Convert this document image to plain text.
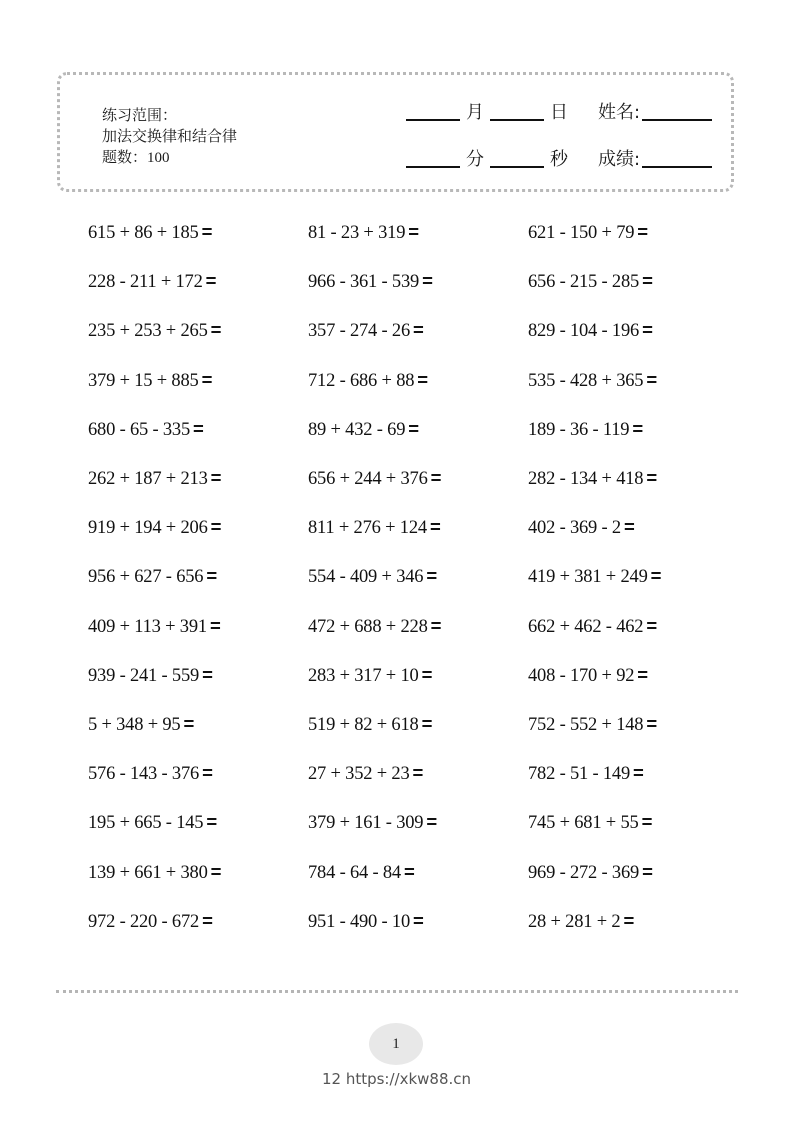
练习范围：
加法交换律和结合律
题数：100
月	日	姓名:
分	秒	成绩:
615 + 86 + 185 =	81 - 23 + 319 =	621 - 150 + 79 =
228 - 211 + 172 =	966 - 361 - 539 =	656 - 215 - 285 =
235 + 253 + 265 =	357 - 274 - 26 =	829 - 104 - 196 =
379 + 15 + 885 =	712 - 686 + 88 =	535 - 428 + 365 =
680 - 65 - 335 =	89 + 432 - 69 =	189 - 36 - 119 =
262 + 187 + 213 =	656 + 244 + 376 =	282 - 134 + 418 =
919 + 194 + 206 =	811 + 276 + 124 =	402 - 369 - 2 =
956 + 627 - 656 =	554 - 409 + 346 =	419 + 381 + 249 =
409 + 113 + 391 =	472 + 688 + 228 =	662 + 462 - 462 =
939 - 241 - 559 =	283 + 317 + 10 =	408 - 170 + 92 =
5 + 348 + 95 =	519 + 82 + 618 =	752 - 552 + 148 =
576 - 143 - 376 =	27 + 352 + 23 =	782 - 51 - 149 =
195 + 665 - 145 =	379 + 161 - 309 =	745 + 681 + 55 =
139 + 661 + 380 =	784 - 64 - 84 =	969 - 272 - 369 =
972 - 220 - 672 =	951 - 490 - 10 =	28 + 281 + 2 =
1
12 https://xkw88.cn
